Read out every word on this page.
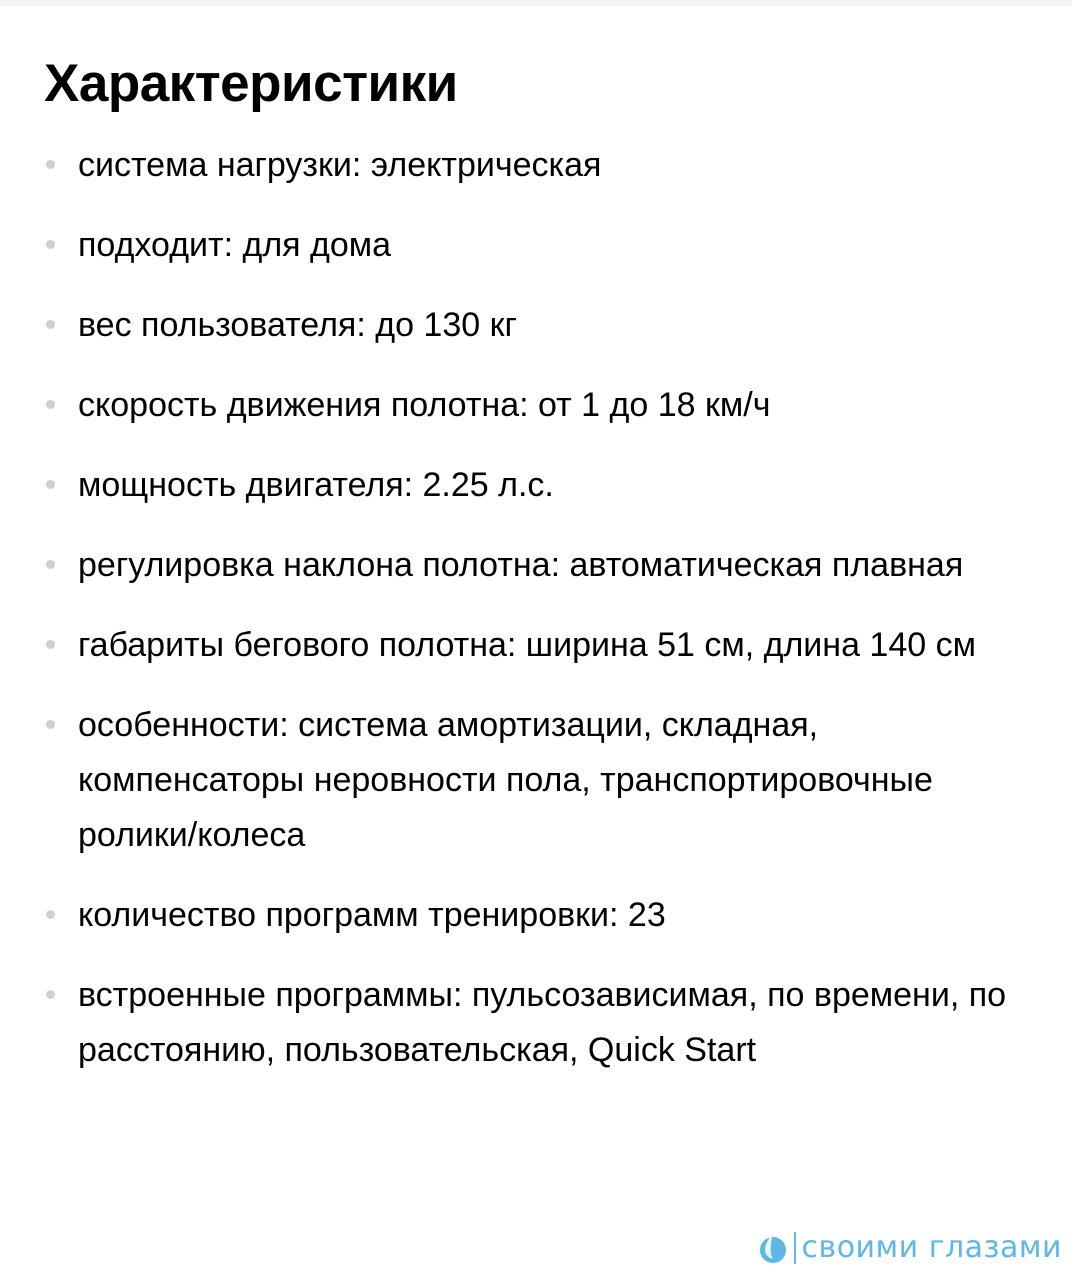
Характеристики
система нагрузки: электрическая
подходит: для дома
вес пользователя: до 130 кг
скорость движения полотна: от 1 до 18 км/ч
мощность двигателя: 2.25 л.с.
регулировка наклона полотна: автоматическая плавная
габариты бегового полотна: ширина 51 см, длина 140 см
особенности: система амортизации, складная, компенсаторы неровности пола, транспортировочные ролики/колеса
количество программ тренировки: 23
встроенные программы: пульсозависимая, по времени, по расстоянию, пользовательская, Quick Start
своими глазами
